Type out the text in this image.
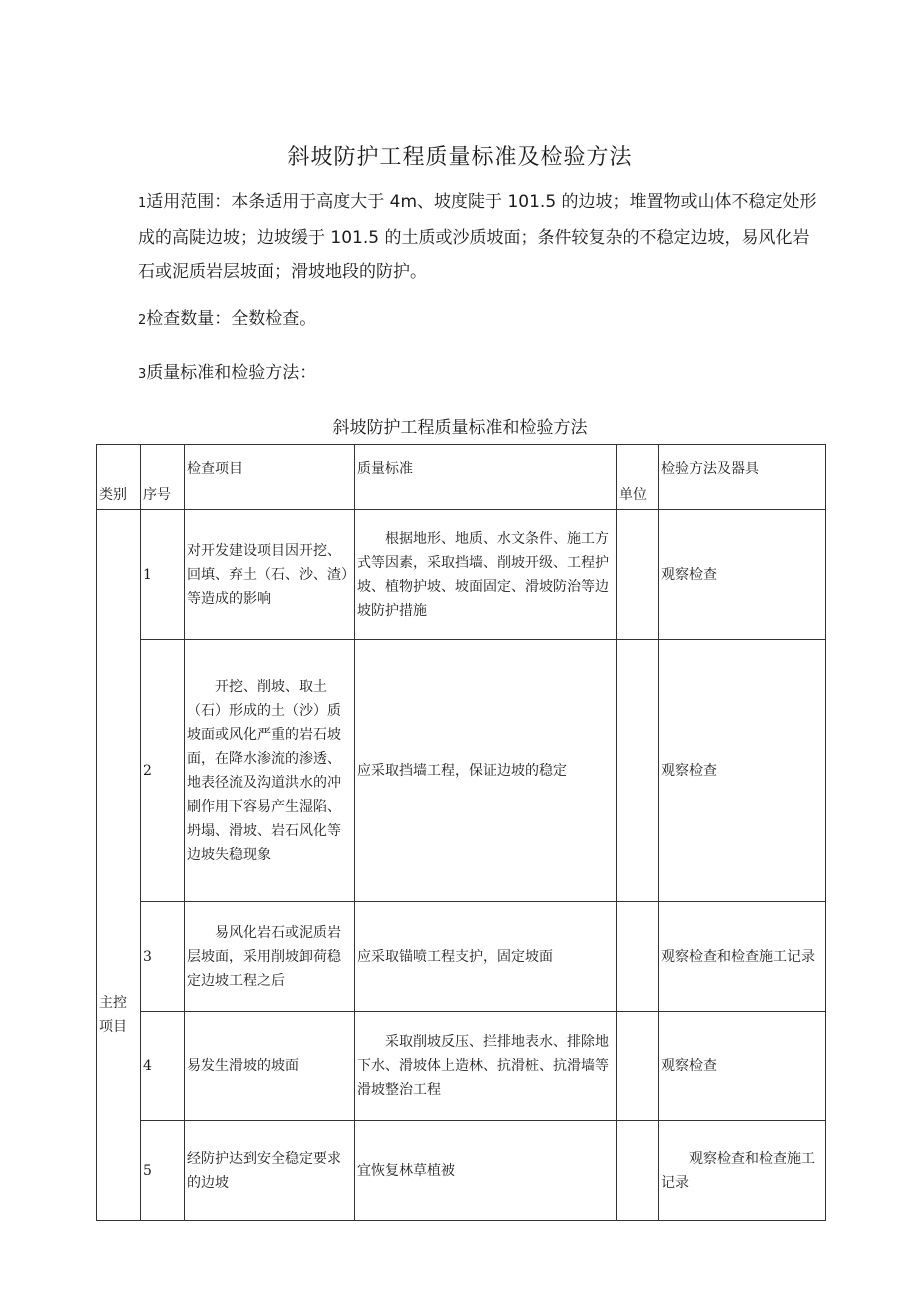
斜坡防护工程质量标准及检验方法
1适用范围：本条适用于高度大于 4m、坡度陡于 101.5 的边坡；堆置物或山体不稳定处形成的高陡边坡；边坡缓于 101.5 的土质或沙质坡面；条件较复杂的不稳定边坡，易风化岩石或泥质岩层坡面；滑坡地段的防护。
2检查数量：全数检查。
3质量标准和检验方法：
斜坡防护工程质量标准和检验方法
类别	序号	检查项目	质量标准	单位	检验方法及器具
主控项目	1	对开发建设项目因开挖、回填、弃土（石、沙、渣）等造成的影响	根据地形、地质、水文条件、施工方式等因素，采取挡墙、削坡开级、工程护坡、植物护坡、坡面固定、滑坡防治等边坡防护措施		观察检查
	2	开挖、削坡、取土（石）形成的土（沙）质坡面或风化严重的岩石坡面，在降水渗流的渗透、地表径流及沟道洪水的冲刷作用下容易产生湿陷、坍塌、滑坡、岩石风化等边坡失稳现象	应采取挡墙工程，保证边坡的稳定		观察检查
	3	易风化岩石或泥质岩层坡面，采用削坡卸荷稳定边坡工程之后	应采取锚喷工程支护，固定坡面		观察检查和检查施工记录
	4	易发生滑坡的坡面	采取削坡反压、拦排地表水、排除地下水、滑坡体上造林、抗滑桩、抗滑墙等滑坡整治工程		观察检查
	5	经防护达到安全稳定要求的边坡	宜恢复林草植被		观察检查和检查施工记录
